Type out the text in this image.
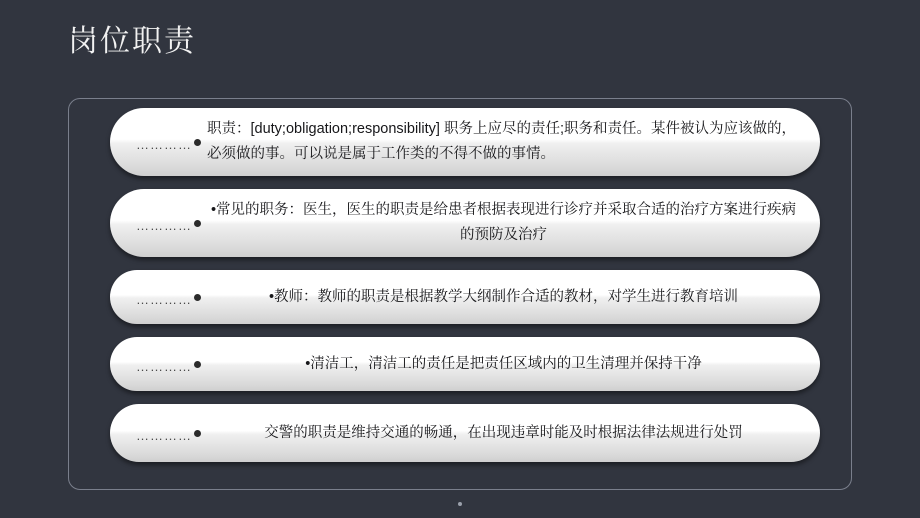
岗位职责
…………
职责：[duty;obligation;responsibility] 职务上应尽的责任;职务和责任。某件被认为应该做的，必须做的事。可以说是属于工作类的不得不做的事情。
…………
•常见的职务：医生，医生的职责是给患者根据表现进行诊疗并采取合适的治疗方案进行疾病的预防及治疗
…………	•教师：教师的职责是根据教学大纲制作合适的教材，对学生进行教育培训
…………	•清洁工，清洁工的责任是把责任区域内的卫生清理并保持干净
…………	交警的职责是维持交通的畅通，在出现违章时能及时根据法律法规进行处罚
